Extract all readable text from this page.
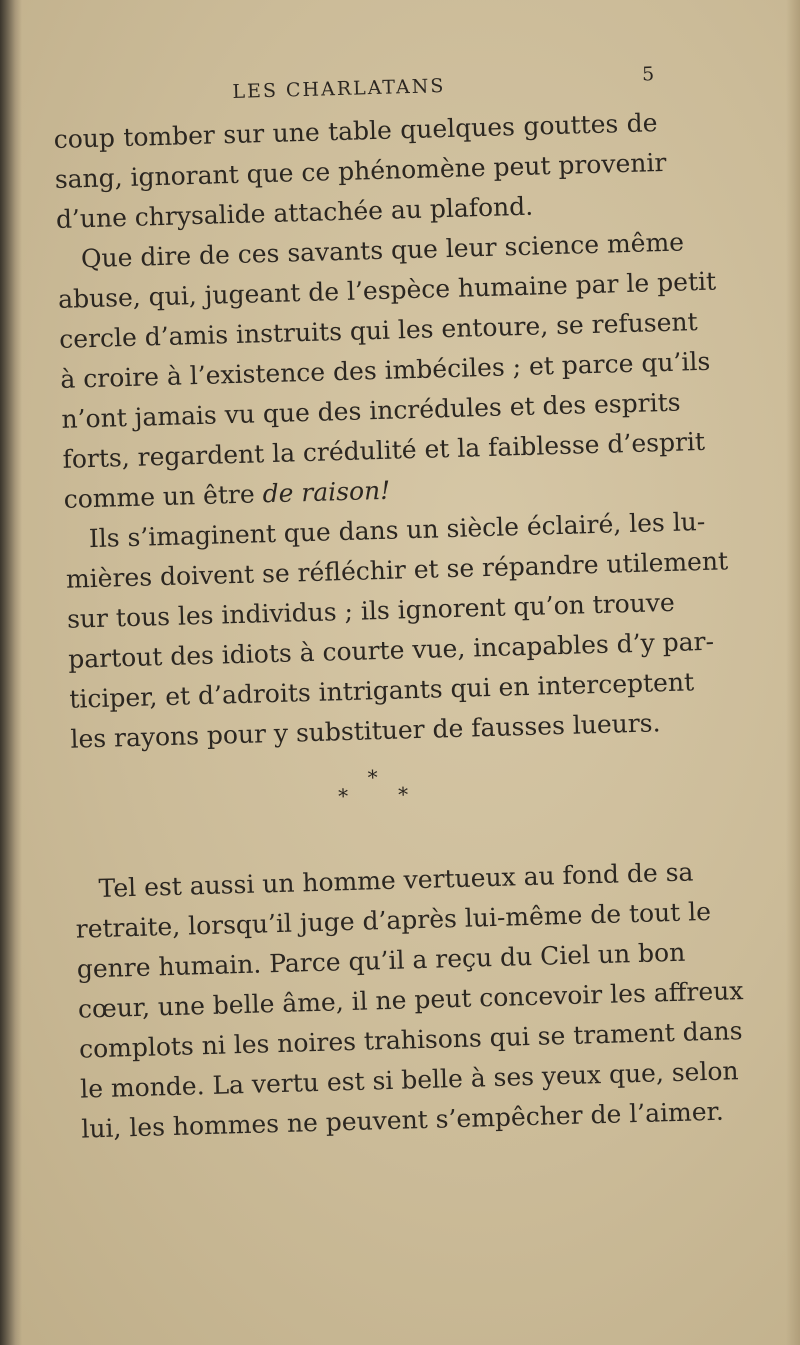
LES CHARLATANS
5
coup tomber sur une table quelques gouttes de
sang, ignorant que ce phénomène peut provenir
d’une chrysalide attachée au plafond.
Que dire de ces savants que leur science même
abuse, qui, jugeant de l’espèce humaine par le petit
cercle d’amis instruits qui les entoure, se refusent
à croire à l’existence des imbéciles ; et parce qu’ils
n’ont jamais vu que des incrédules et des esprits
forts, regardent la crédulité et la faiblesse d’esprit
comme un être de raison!
Ils s’imaginent que dans un siècle éclairé, les lu-
mières doivent se réfléchir et se répandre utilement
sur tous les individus ; ils ignorent qu’on trouve
partout des idiots à courte vue, incapables d’y par-
ticiper, et d’adroits intrigants qui en interceptent
les rayons pour y substituer de fausses lueurs.
*
* *
Tel est aussi un homme vertueux au fond de sa
retraite, lorsqu’il juge d’après lui-même de tout le
genre humain. Parce qu’il a reçu du Ciel un bon
cœur, une belle âme, il ne peut concevoir les affreux
complots ni les noires trahisons qui se trament dans
le monde. La vertu est si belle à ses yeux que, selon
lui, les hommes ne peuvent s’empêcher de l’aimer.
